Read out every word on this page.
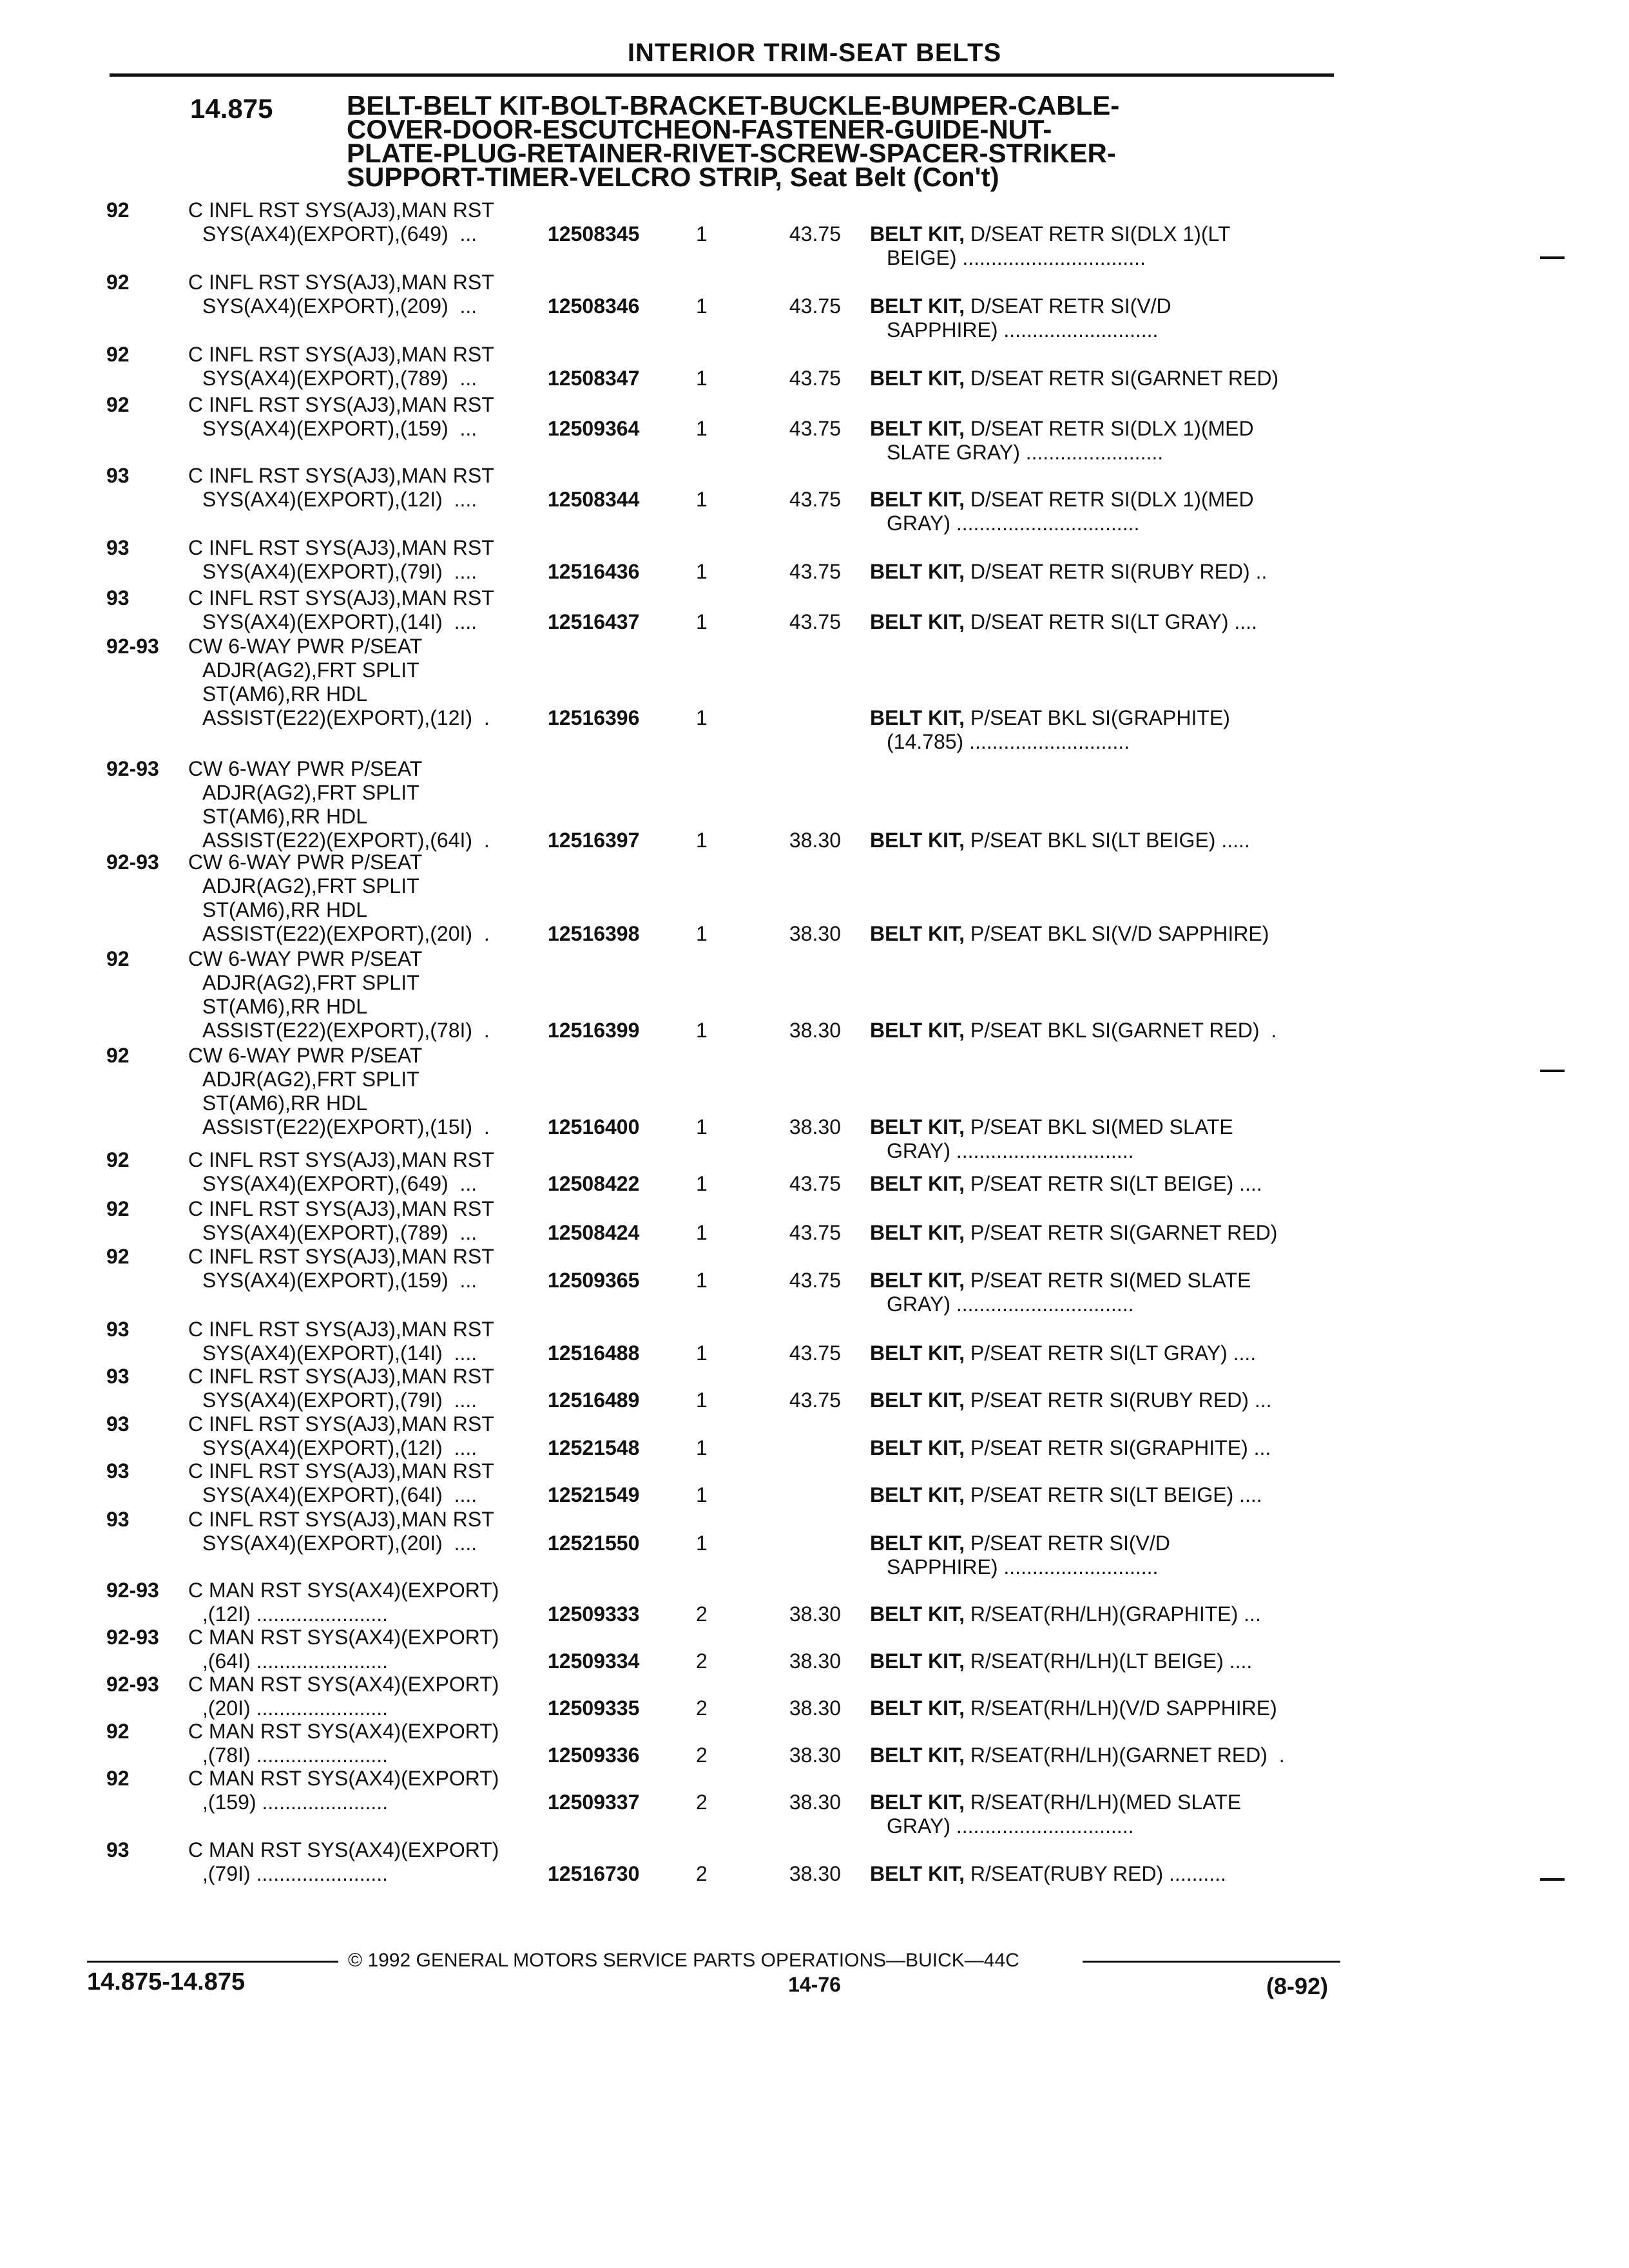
INTERIOR TRIM-SEAT BELTS
14.875	BELT-BELT KIT-BOLT-BRACKET-BUCKLE-BUMPER-CABLE-
COVER-DOOR-ESCUTCHEON-FASTENER-GUIDE-NUT-
PLATE-PLUG-RETAINER-RIVET-SCREW-SPACER-STRIKER-
SUPPORT-TIMER-VELCRO STRIP, Seat Belt (Con't)
92	C INFL RST SYS(AJ3),MAN RST
SYS(AX4)(EXPORT),(649)  ...	12508345	1	43.75 BELT KIT, D/SEAT RETR SI(DLX 1)(LT
BEIGE) ................................
92	C INFL RST SYS(AJ3),MAN RST
SYS(AX4)(EXPORT),(209)  ...	12508346	1	43.75 BELT KIT, D/SEAT RETR SI(V/D
SAPPHIRE) ...........................
92	C INFL RST SYS(AJ3),MAN RST
SYS(AX4)(EXPORT),(789)  ...	12508347	1	43.75 BELT KIT, D/SEAT RETR SI(GARNET RED)
92	C INFL RST SYS(AJ3),MAN RST
SYS(AX4)(EXPORT),(159)  ...	12509364	1	43.75 BELT KIT, D/SEAT RETR SI(DLX 1)(MED
SLATE GRAY) ........................
93	C INFL RST SYS(AJ3),MAN RST
SYS(AX4)(EXPORT),(12I)  ....	12508344	1	43.75 BELT KIT, D/SEAT RETR SI(DLX 1)(MED
GRAY) ................................
93	C INFL RST SYS(AJ3),MAN RST
SYS(AX4)(EXPORT),(79I)  ....	12516436	1	43.75 BELT KIT, D/SEAT RETR SI(RUBY RED) ..
93	C INFL RST SYS(AJ3),MAN RST
SYS(AX4)(EXPORT),(14I)  ....	12516437	1	43.75 BELT KIT, D/SEAT RETR SI(LT GRAY) ....
92-93 CW 6-WAY PWR P/SEAT
ADJR(AG2),FRT SPLIT
ST(AM6),RR HDL
ASSIST(E22)(EXPORT),(12I)  .	12516396	1	BELT KIT, P/SEAT BKL SI(GRAPHITE)
(14.785) ............................
92-93 CW 6-WAY PWR P/SEAT
ADJR(AG2),FRT SPLIT
ST(AM6),RR HDL
ASSIST(E22)(EXPORT),(64I)  .	12516397	1	38.30 BELT KIT, P/SEAT BKL SI(LT BEIGE) .....
92-93 CW 6-WAY PWR P/SEAT
ADJR(AG2),FRT SPLIT
ST(AM6),RR HDL
ASSIST(E22)(EXPORT),(20I)  .	12516398	1	38.30 BELT KIT, P/SEAT BKL SI(V/D SAPPHIRE)
92	CW 6-WAY PWR P/SEAT
ADJR(AG2),FRT SPLIT
ST(AM6),RR HDL
ASSIST(E22)(EXPORT),(78I)  .	12516399	1	38.30 BELT KIT, P/SEAT BKL SI(GARNET RED)  .
92	CW 6-WAY PWR P/SEAT
ADJR(AG2),FRT SPLIT
ST(AM6),RR HDL
ASSIST(E22)(EXPORT),(15I)  .	12516400	1	38.30 BELT KIT, P/SEAT BKL SI(MED SLATE
GRAY) ...............................
92	C INFL RST SYS(AJ3),MAN RST
SYS(AX4)(EXPORT),(649)  ...	12508422	1	43.75 BELT KIT, P/SEAT RETR SI(LT BEIGE) ....
92	C INFL RST SYS(AJ3),MAN RST
SYS(AX4)(EXPORT),(789)  ...	12508424	1	43.75 BELT KIT, P/SEAT RETR SI(GARNET RED)
92	C INFL RST SYS(AJ3),MAN RST
SYS(AX4)(EXPORT),(159)  ...	12509365	1	43.75 BELT KIT, P/SEAT RETR SI(MED SLATE
GRAY) ...............................
93	C INFL RST SYS(AJ3),MAN RST
SYS(AX4)(EXPORT),(14I)  ....	12516488	1	43.75 BELT KIT, P/SEAT RETR SI(LT GRAY) ....
93	C INFL RST SYS(AJ3),MAN RST
SYS(AX4)(EXPORT),(79I)  ....	12516489	1	43.75 BELT KIT, P/SEAT RETR SI(RUBY RED) ...
93	C INFL RST SYS(AJ3),MAN RST
SYS(AX4)(EXPORT),(12I)  ....	12521548	1	BELT KIT, P/SEAT RETR SI(GRAPHITE) ...
93	C INFL RST SYS(AJ3),MAN RST
SYS(AX4)(EXPORT),(64I)  ....	12521549	1	BELT KIT, P/SEAT RETR SI(LT BEIGE) ....
93	C INFL RST SYS(AJ3),MAN RST
SYS(AX4)(EXPORT),(20I)  ....	12521550	1	BELT KIT, P/SEAT RETR SI(V/D
SAPPHIRE) ...........................
92-93 C MAN RST SYS(AX4)(EXPORT)
,(12I) .......................	12509333	2	38.30 BELT KIT, R/SEAT(RH/LH)(GRAPHITE) ...
92-93 C MAN RST SYS(AX4)(EXPORT)
,(64I) .......................	12509334	2	38.30 BELT KIT, R/SEAT(RH/LH)(LT BEIGE) ....
92-93 C MAN RST SYS(AX4)(EXPORT)
,(20I) .......................	12509335	2	38.30 BELT KIT, R/SEAT(RH/LH)(V/D SAPPHIRE)
92	C MAN RST SYS(AX4)(EXPORT)
,(78I) .......................	12509336	2	38.30 BELT KIT, R/SEAT(RH/LH)(GARNET RED)  .
92	C MAN RST SYS(AX4)(EXPORT)
,(159) ......................	12509337	2	38.30 BELT KIT, R/SEAT(RH/LH)(MED SLATE
GRAY) ...............................
93	C MAN RST SYS(AX4)(EXPORT)
,(79I) .......................	12516730	2	38.30 BELT KIT, R/SEAT(RUBY RED) ..........
© 1992 GENERAL MOTORS SERVICE PARTS OPERATIONS—BUICK—44C
14.875-14.875	14-76	(8-92)
